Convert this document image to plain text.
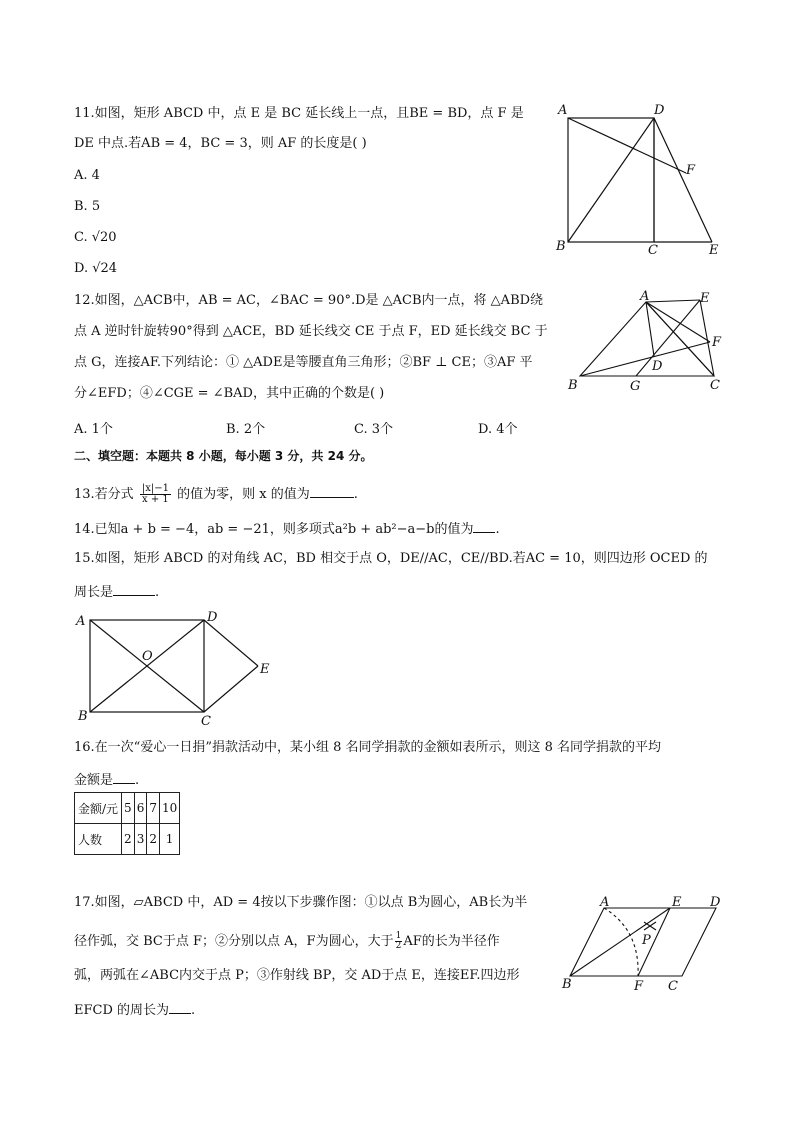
11.如图，矩形 ABCD 中，点 E 是 BC 延长线上一点，且BE = BD，点 F 是
DE 中点.若AB = 4，BC = 3，则 AF 的长度是( )
A. 4
B. 5
C. √20
D. √24
A	D
F
B	C	E
12.如图，△ACB中，AB = AC，∠BAC = 90°.D是 △ACB内一点，将 △ABD绕
点 A 逆时针旋转90°得到 △ACE，BD 延长线交 CE 于点 F，ED 延长线交 BC 于
点 G，连接AF.下列结论：① △ADE是等腰直角三角形；②BF ⊥ CE；③AF 平
分∠EFD；④∠CGE = ∠BAD，其中正确的个数是( )
A. 1个	B. 2个	C. 3个	D. 4个
A	E
F
D
B	G	C
二、填空题：本题共 8 小题，每小题 3 分，共 24 分。
13.若分式 $\frac{|x|-1}{x + 1}$ 的值为零，则 x 的值为	.
14.已知a + b = −4，ab = −21，则多项式a²b + ab²−a−b的值为 .
15.如图，矩形 ABCD 的对角线 AC，BD 相交于点 O，DE//AC，CE//BD.若AC = 10，则四边形 OCED 的
周长是	.
A	D
O
E
B	C
16.在一次“爱心一日捐”捐款活动中，某小组 8 名同学捐款的金额如表所示，则这 8 名同学捐款的平均
金额是 .
金额/元	5	6	7	10
人数	2	3	2	1
17.如图，▱ABCD 中，AD = 4按以下步骤作图：①以点 B为圆心，AB长为半
径作弧，交 BC于点 F；②分别以点 A，F为圆心，大于 $\frac{1}{2}$ AF的长为半径作
弧，两弧在∠ABC内交于点 P；③作射线 BP，交 AD于点 E，连接EF.四边形
EFCD 的周长为 .
A	E D
P
B	F C
